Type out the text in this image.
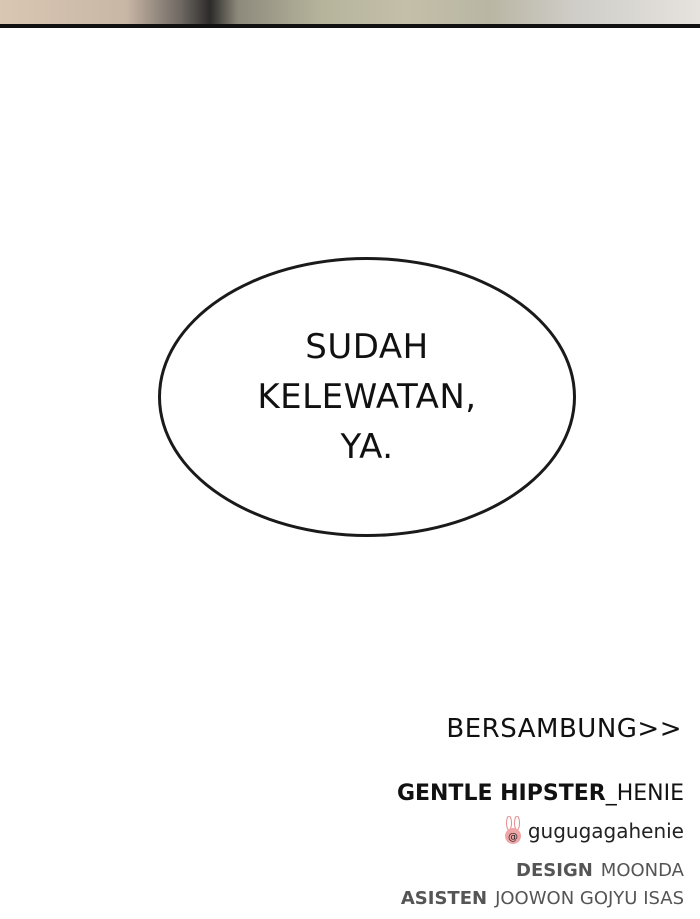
SUDAH
KELEWATAN,
YA.
BERSAMBUNG>>
GENTLE HIPSTER_HENIE
@ gugugagahenie
DESIGN MOONDA
ASISTEN JOOWON GOJYU ISAS
